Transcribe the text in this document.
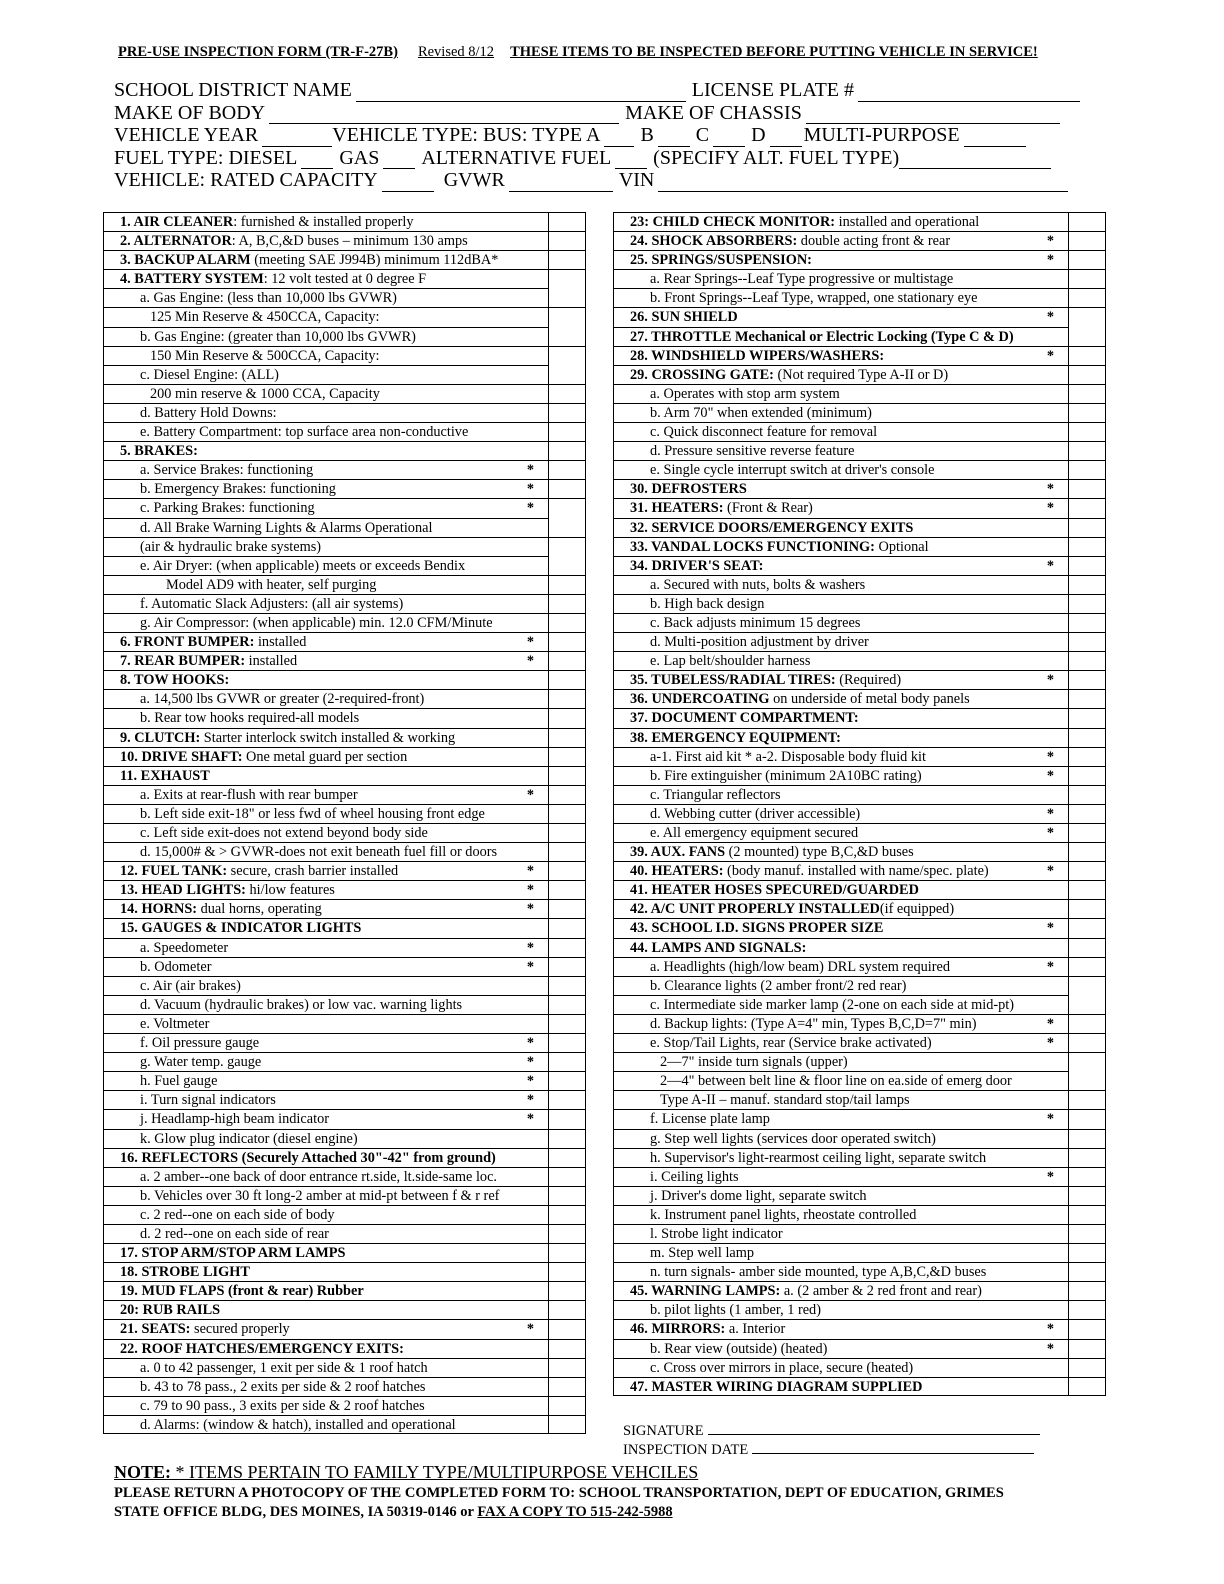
PRE-USE INSPECTION FORM (TR-F-27B) Revised 8/12 THESE ITEMS TO BE INSPECTED BEFORE PUTTING VEHICLE IN SERVICE!
SCHOOL DISTRICT NAME	LICENSE PLATE #
MAKE OF BODY	MAKE OF CHASSIS
VEHICLE YEAR	VEHICLE TYPE: BUS: TYPE A B C D MULTI-PURPOSE
FUEL TYPE: DIESEL GAS ALTERNATIVE FUEL (SPECIFY ALT. FUEL TYPE)
VEHICLE: RATED CAPACITY	GVWR	VIN
1. AIR CLEANER: furnished & installed properly
2. ALTERNATOR: A, B,C,&D buses – minimum 130 amps
3. BACKUP ALARM (meeting SAE J994B) minimum 112dBA*
4. BATTERY SYSTEM: 12 volt tested at 0 degree F
a. Gas Engine: (less than 10,000 lbs GVWR)
125 Min Reserve & 450CCA, Capacity:
b. Gas Engine: (greater than 10,000 lbs GVWR)
150 Min Reserve & 500CCA, Capacity:
c. Diesel Engine: (ALL)
200 min reserve & 1000 CCA, Capacity
d. Battery Hold Downs:
e. Battery Compartment: top surface area non-conductive
5. BRAKES:
a. Service Brakes: functioning	*
b. Emergency Brakes: functioning	*
c. Parking Brakes: functioning	*
d. All Brake Warning Lights & Alarms Operational
(air & hydraulic brake systems)
e. Air Dryer: (when applicable) meets or exceeds Bendix
Model AD9 with heater, self purging
f. Automatic Slack Adjusters: (all air systems)
g. Air Compressor: (when applicable) min. 12.0 CFM/Minute
6. FRONT BUMPER: installed	*
7. REAR BUMPER: installed	*
8. TOW HOOKS:
a. 14,500 lbs GVWR or greater (2-required-front)
b. Rear tow hooks required-all models
9. CLUTCH: Starter interlock switch installed & working
10. DRIVE SHAFT: One metal guard per section
11. EXHAUST
a. Exits at rear-flush with rear bumper	*
b. Left side exit-18" or less fwd of wheel housing front edge
c. Left side exit-does not extend beyond body side
d. 15,000# & > GVWR-does not exit beneath fuel fill or doors
12. FUEL TANK: secure, crash barrier installed	*
13. HEAD LIGHTS: hi/low features	*
14. HORNS: dual horns, operating	*
15. GAUGES & INDICATOR LIGHTS
a. Speedometer	*
b. Odometer	*
c. Air (air brakes)
d. Vacuum (hydraulic brakes) or low vac. warning lights
e. Voltmeter
f. Oil pressure gauge	*
g. Water temp. gauge	*
h. Fuel gauge	*
i. Turn signal indicators	*
j. Headlamp-high beam indicator	*
k. Glow plug indicator (diesel engine)
16. REFLECTORS (Securely Attached 30"-42" from ground)
a. 2 amber--one back of door entrance rt.side, lt.side-same loc.
b. Vehicles over 30 ft long-2 amber at mid-pt between f & r ref
c. 2 red--one on each side of body
d. 2 red--one on each side of rear
17. STOP ARM/STOP ARM LAMPS
18. STROBE LIGHT
19. MUD FLAPS (front & rear) Rubber
20: RUB RAILS
21. SEATS: secured properly	*
22. ROOF HATCHES/EMERGENCY EXITS:
a. 0 to 42 passenger, 1 exit per side & 1 roof hatch
b. 43 to 78 pass., 2 exits per side & 2 roof hatches
c. 79 to 90 pass., 3 exits per side & 2 roof hatches
d. Alarms: (window & hatch), installed and operational
23: CHILD CHECK MONITOR: installed and operational
24. SHOCK ABSORBERS: double acting front & rear	*
25. SPRINGS/SUSPENSION:	*
a. Rear Springs--Leaf Type progressive or multistage
b. Front Springs--Leaf Type, wrapped, one stationary eye
26. SUN SHIELD	*
27. THROTTLE Mechanical or Electric Locking (Type C & D)
28. WINDSHIELD WIPERS/WASHERS:	*
29. CROSSING GATE: (Not required Type A-II or D)
a. Operates with stop arm system
b. Arm 70" when extended (minimum)
c. Quick disconnect feature for removal
d. Pressure sensitive reverse feature
e. Single cycle interrupt switch at driver's console
30. DEFROSTERS	*
31. HEATERS: (Front & Rear)	*
32. SERVICE DOORS/EMERGENCY EXITS
33. VANDAL LOCKS FUNCTIONING: Optional
34. DRIVER'S SEAT:	*
a. Secured with nuts, bolts & washers
b. High back design
c. Back adjusts minimum 15 degrees
d. Multi-position adjustment by driver
e. Lap belt/shoulder harness
35. TUBELESS/RADIAL TIRES: (Required)	*
36. UNDERCOATING on underside of metal body panels
37. DOCUMENT COMPARTMENT:
38. EMERGENCY EQUIPMENT:
a-1. First aid kit * a-2. Disposable body fluid kit	*
b. Fire extinguisher (minimum 2A10BC rating)	*
c. Triangular reflectors
d. Webbing cutter (driver accessible)	*
e. All emergency equipment secured	*
39. AUX. FANS (2 mounted) type B,C,&D buses
40. HEATERS: (body manuf. installed with name/spec. plate)	*
41. HEATER HOSES SPECURED/GUARDED
42. A/C UNIT PROPERLY INSTALLED(if equipped)
43. SCHOOL I.D. SIGNS PROPER SIZE	*
44. LAMPS AND SIGNALS:
a. Headlights (high/low beam) DRL system required	*
b. Clearance lights (2 amber front/2 red rear)
c. Intermediate side marker lamp (2-one on each side at mid-pt)
d. Backup lights: (Type A=4" min, Types B,C,D=7" min)	*
e. Stop/Tail Lights, rear (Service brake activated)	*
2—7" inside turn signals (upper)
2—4" between belt line & floor line on ea.side of emerg door
Type A-II – manuf. standard stop/tail lamps
f. License plate lamp	*
g. Step well lights (services door operated switch)
h. Supervisor's light-rearmost ceiling light, separate switch
i. Ceiling lights	*
j. Driver's dome light, separate switch
k. Instrument panel lights, rheostate controlled
l. Strobe light indicator
m. Step well lamp
n. turn signals- amber side mounted, type A,B,C,&D buses
45. WARNING LAMPS: a. (2 amber & 2 red front and rear)
b. pilot lights (1 amber, 1 red)
46. MIRRORS: a. Interior	*
b. Rear view (outside) (heated)	*
c. Cross over mirrors in place, secure (heated)
47. MASTER WIRING DIAGRAM SUPPLIED
SIGNATURE
INSPECTION DATE
NOTE: * ITEMS PERTAIN TO FAMILY TYPE/MULTIPURPOSE VEHCILES
PLEASE RETURN A PHOTOCOPY OF THE COMPLETED FORM TO: SCHOOL TRANSPORTATION, DEPT OF EDUCATION, GRIMES
STATE OFFICE BLDG, DES MOINES, IA 50319-0146 or FAX A COPY TO 515-242-5988
